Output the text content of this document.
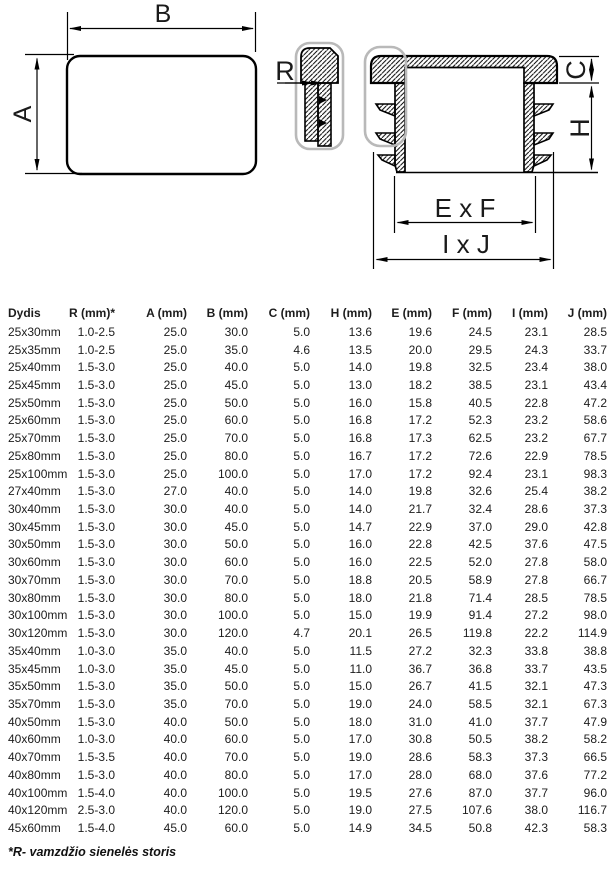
B
A
R	C
H
E x F
I x J
Dydis	R (mm)*	A (mm)	B (mm)	C (mm)	H (mm)	E (mm)	F (mm)	I (mm)	J (mm)
25x30mm	1.0-2.5	25.0	30.0	5.0	13.6	19.6	24.5	23.1	28.5
25x35mm	1.0-2.5	25.0	35.0	4.6	13.5	20.0	29.5	24.3	33.7
25x40mm	1.5-3.0	25.0	40.0	5.0	14.0	19.8	32.5	23.4	38.0
25x45mm	1.5-3.0	25.0	45.0	5.0	13.0	18.2	38.5	23.1	43.4
25x50mm	1.5-3.0	25.0	50.0	5.0	16.0	15.8	40.5	22.8	47.2
25x60mm	1.5-3.0	25.0	60.0	5.0	16.8	17.2	52.3	23.2	58.6
25x70mm	1.5-3.0	25.0	70.0	5.0	16.8	17.3	62.5	23.2	67.7
25x80mm	1.5-3.0	25.0	80.0	5.0	16.7	17.2	72.6	22.9	78.5
25x100mm	1.5-3.0	25.0	100.0	5.0	17.0	17.2	92.4	23.1	98.3
27x40mm	1.5-3.0	27.0	40.0	5.0	14.0	19.8	32.6	25.4	38.2
30x40mm	1.5-3.0	30.0	40.0	5.0	14.0	21.7	32.4	28.6	37.3
30x45mm	1.5-3.0	30.0	45.0	5.0	14.7	22.9	37.0	29.0	42.8
30x50mm	1.5-3.0	30.0	50.0	5.0	16.0	22.8	42.5	37.6	47.5
30x60mm	1.5-3.0	30.0	60.0	5.0	16.0	22.5	52.0	27.8	58.0
30x70mm	1.5-3.0	30.0	70.0	5.0	18.8	20.5	58.9	27.8	66.7
30x80mm	1.5-3.0	30.0	80.0	5.0	18.0	21.8	71.4	28.5	78.5
30x100mm	1.5-3.0	30.0	100.0	5.0	15.0	19.9	91.4	27.2	98.0
30x120mm	1.5-3.0	30.0	120.0	4.7	20.1	26.5	119.8	22.2	114.9
35x40mm	1.0-3.0	35.0	40.0	5.0	11.5	27.2	32.3	33.8	38.8
35x45mm	1.0-3.0	35.0	45.0	5.0	11.0	36.7	36.8	33.7	43.5
35x50mm	1.5-3.0	35.0	50.0	5.0	15.0	26.7	41.5	32.1	47.3
35x70mm	1.5-3.0	35.0	70.0	5.0	19.0	24.0	58.5	32.1	67.3
40x50mm	1.5-3.0	40.0	50.0	5.0	18.0	31.0	41.0	37.7	47.9
40x60mm	1.0-3.0	40.0	60.0	5.0	17.0	30.8	50.5	38.2	58.2
40x70mm	1.5-3.5	40.0	70.0	5.0	19.0	28.6	58.3	37.3	66.5
40x80mm	1.5-3.0	40.0	80.0	5.0	17.0	28.0	68.0	37.6	77.2
40x100mm	1.5-4.0	40.0	100.0	5.0	19.5	27.6	87.0	37.7	96.0
40x120mm	2.5-3.0	40.0	120.0	5.0	19.0	27.5	107.6	38.0	116.7
45x60mm	1.5-4.0	45.0	60.0	5.0	14.9	34.5	50.8	42.3	58.3
*R- vamzdžio sienelės storis
